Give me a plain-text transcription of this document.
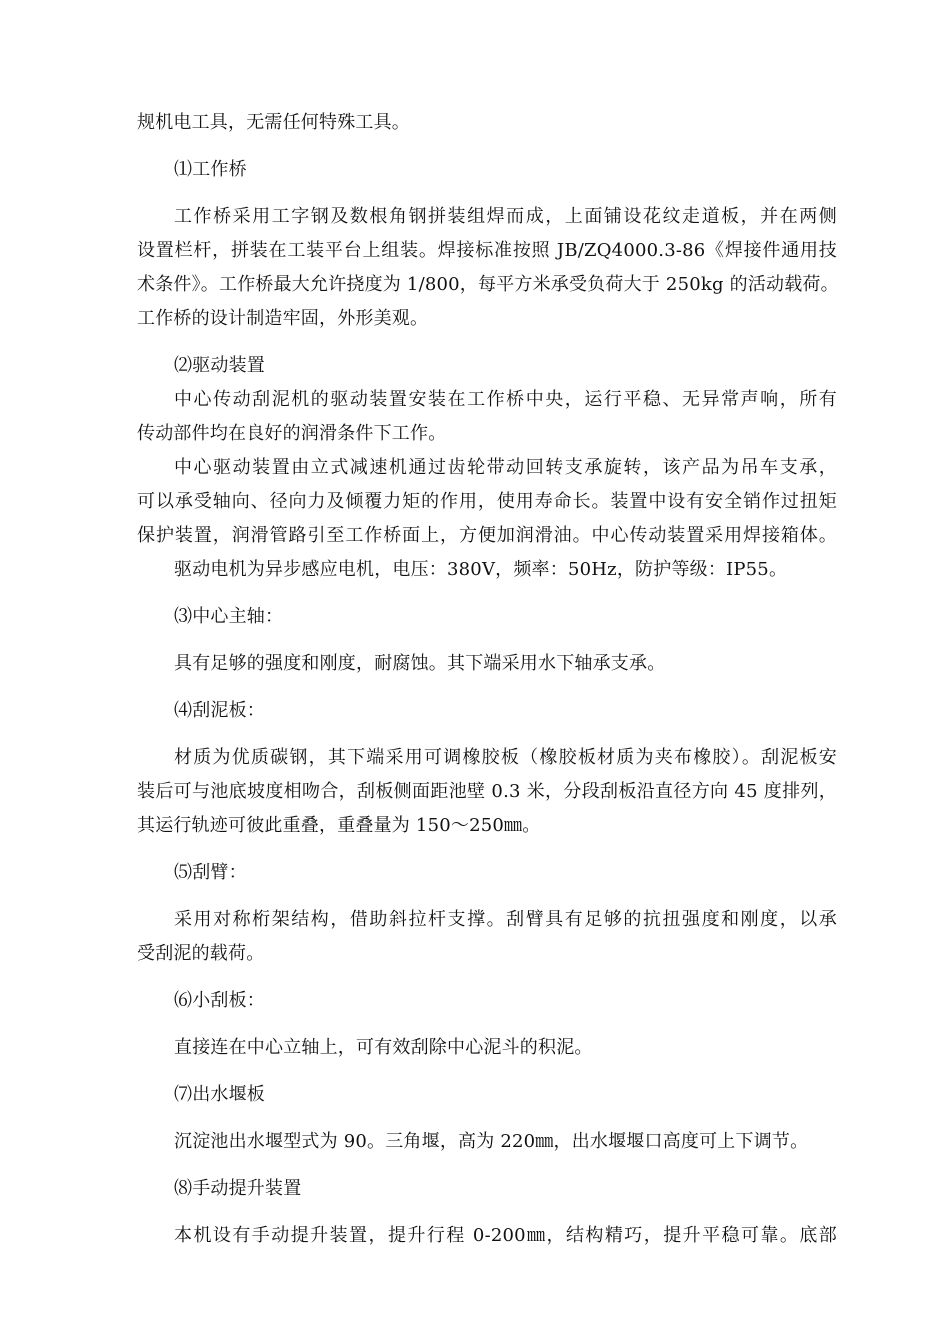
规机电工具，无需任何特殊工具。
⑴工作桥
工作桥采用工字钢及数根角钢拼装组焊而成，上面铺设花纹走道板，并在两侧
设置栏杆，拼装在工装平台上组装。焊接标准按照 JB/ZQ4000.3-86《焊接件通用技
术条件》。工作桥最大允许挠度为 1/800，每平方米承受负荷大于 250kg 的活动载荷。
工作桥的设计制造牢固，外形美观。
⑵驱动装置
中心传动刮泥机的驱动装置安装在工作桥中央，运行平稳、无异常声响，所有
传动部件均在良好的润滑条件下工作。
中心驱动装置由立式减速机通过齿轮带动回转支承旋转，该产品为吊车支承，
可以承受轴向、径向力及倾覆力矩的作用，使用寿命长。装置中设有安全销作过扭矩
保护装置，润滑管路引至工作桥面上，方便加润滑油。中心传动装置采用焊接箱体。
驱动电机为异步感应电机，电压：380V，频率：50Hz，防护等级：IP55。
⑶中心主轴：
具有足够的强度和刚度，耐腐蚀。其下端采用水下轴承支承。
⑷刮泥板：
材质为优质碳钢，其下端采用可调橡胶板（橡胶板材质为夹布橡胶）。刮泥板安
装后可与池底坡度相吻合，刮板侧面距池壁 0.3 米，分段刮板沿直径方向 45 度排列，
其运行轨迹可彼此重叠，重叠量为 150～250㎜。
⑸刮臂：
采用对称桁架结构，借助斜拉杆支撑。刮臂具有足够的抗扭强度和刚度，以承
受刮泥的载荷。
⑹小刮板：
直接连在中心立轴上，可有效刮除中心泥斗的积泥。
⑺出水堰板
沉淀池出水堰型式为 90。三角堰，高为 220㎜，出水堰堰口高度可上下调节。
⑻手动提升装置
本机设有手动提升装置，提升行程 0-200㎜，结构精巧，提升平稳可靠。底部
